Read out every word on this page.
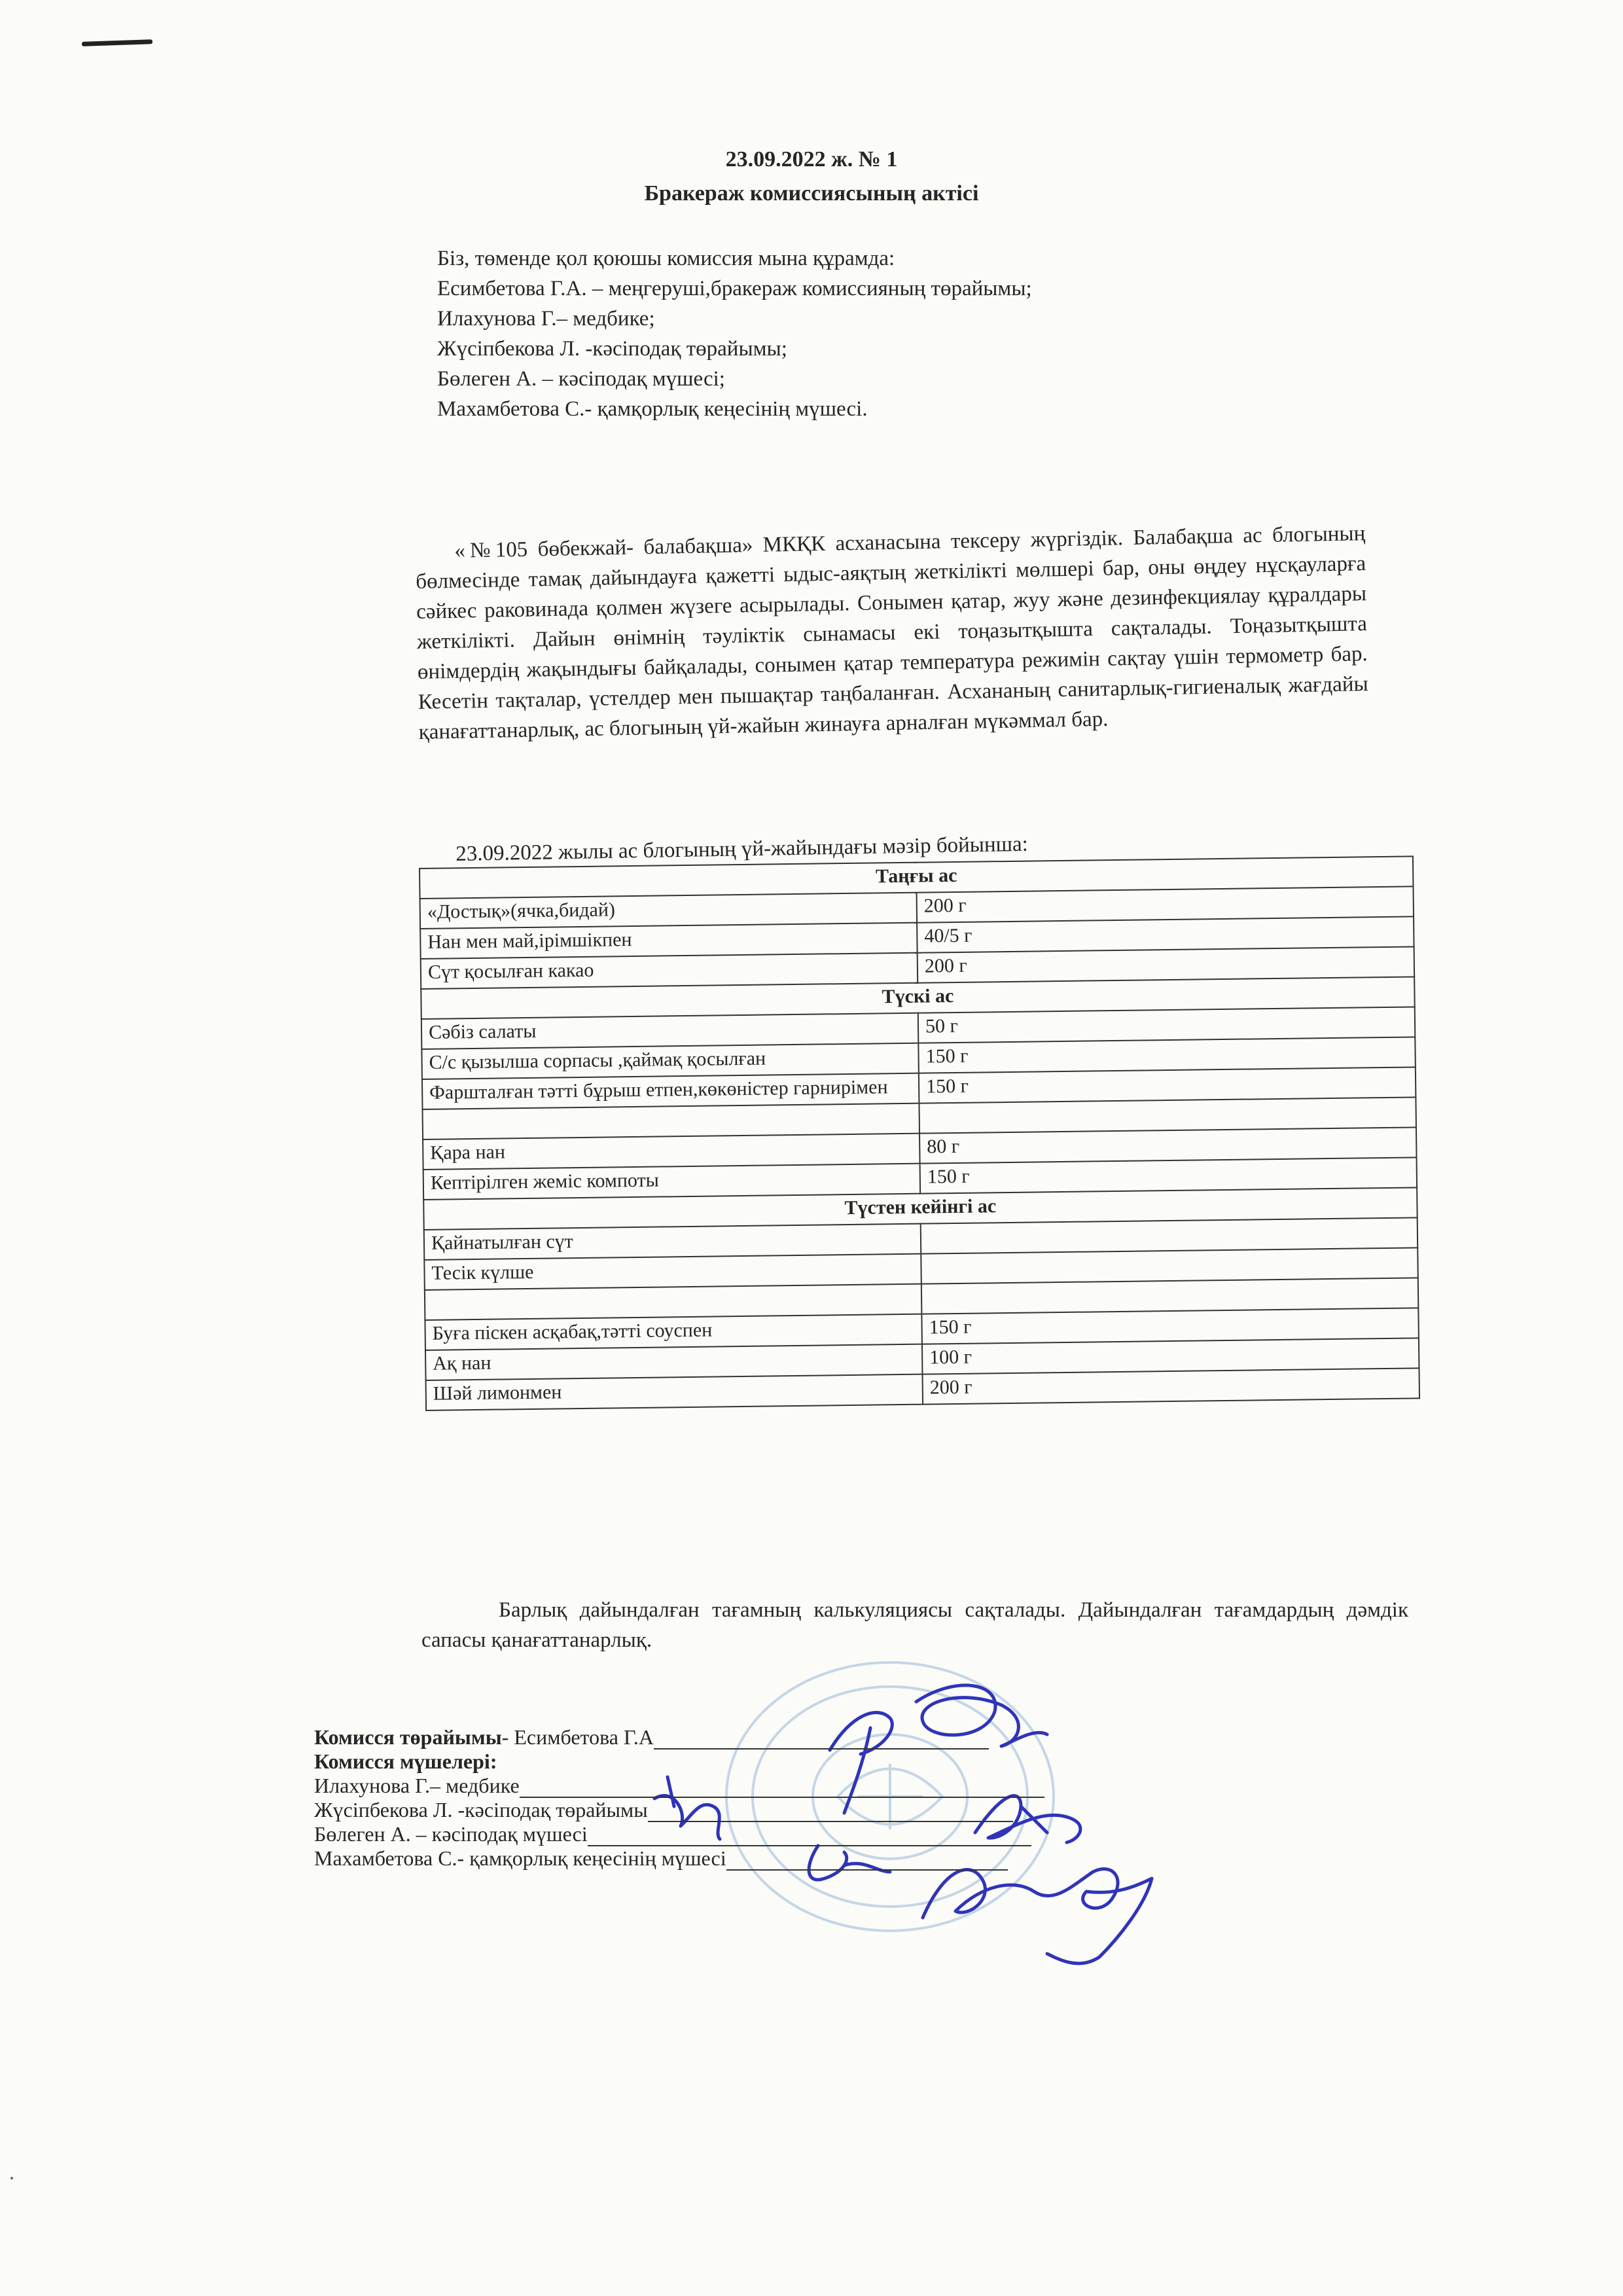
23.09.2022 ж. № 1
Бракераж комиссиясының актісі
Біз, төменде қол қоюшы комиссия мына құрамда:
Есимбетова Г.А. – меңгеруші,бракераж комиссияның төрайымы;
Илахунова Г.– медбике;
Жүсіпбекова Л. -кәсіподақ төрайымы;
Бөлеген А. – кәсіподақ мүшесі;
Махамбетова С.- қамқорлық кеңесінің мүшесі.
«№105 бөбекжай- балабақша» МКҚК асханасына тексеру жүргіздік. Балабақша ас блогының бөлмесінде тамақ дайындауға қажетті ыдыс-аяқтың жеткілікті мөлшері бар, оны өңдеу нұсқауларға сәйкес раковинада қолмен жүзеге асырылады. Сонымен қатар, жуу және дезинфекциялау құралдары жеткілікті. Дайын өнімнің тәуліктік сынамасы екі тоңазытқышта сақталады. Тоңазытқышта өнімдердің жақындығы байқалады, сонымен қатар температура режимін сақтау үшін термометр бар. Кесетін тақталар, үстелдер мен пышақтар таңбаланған. Асхананың санитарлық-гигиеналық жағдайы қанағаттанарлық, ас блогының үй-жайын жинауға арналған мүкәммал бар.
23.09.2022 жылы ас блогының үй-жайындағы мәзір бойынша:
Таңғы ас	
«Достық»(ячка,бидай)	200 г
Нан мен май,ірімшікпен	40/5 г
Сүт қосылған какао	200 г
Түскі ас	
Сәбіз салаты	50 г
С/с қызылша сорпасы ,қаймақ қосылған	150 г
Фаршталған тәтті бұрыш етпен,көкөністер гарнирімен	150 г

Қара нан	80 г
Кептірілген жеміс компоты	150 г
Түстен кейінгі ас	
Қайнатылған сүт	
Тесік күлше	

Буға піскен асқабақ,тәтті соуспен	150 г
Ақ нан	100 г
Шәй лимонмен	200 г
Барлық дайындалған тағамның калькуляциясы сақталады. Дайындалған тағамдардың дәмдік сапасы қанағаттанарлық.
Комисся төрайымы - Есимбетова Г.А
Комисся мүшелері:
Илахунова Г.– медбике
Жүсіпбекова Л. -кәсіподақ төрайымы
Бөлеген А. – кәсіподақ мүшесі
Махамбетова С.- қамқорлық кеңесінің мүшесі
